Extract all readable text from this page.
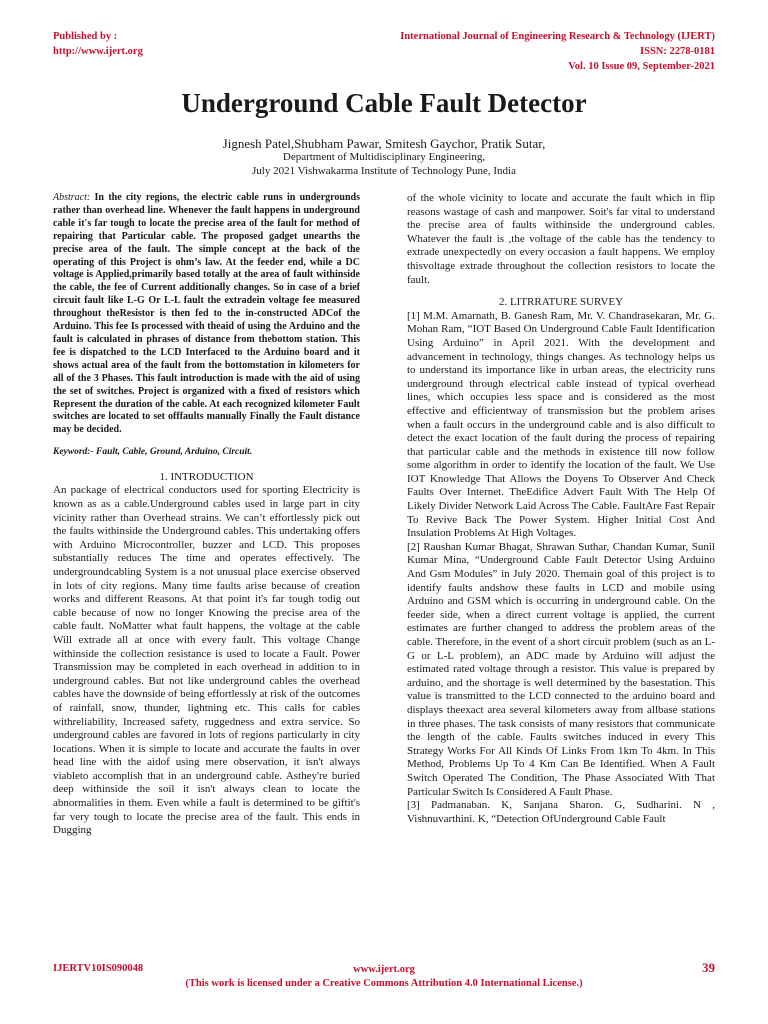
Published by :
http://www.ijert.org
International Journal of Engineering Research & Technology (IJERT)
ISSN: 2278-0181
Vol. 10 Issue 09, September-2021
Underground Cable Fault Detector
Jignesh Patel,Shubham Pawar, Smitesh Gaychor, Pratik Sutar,
Department of Multidisciplinary Engineering,
July 2021 Vishwakarma Institute of Technology Pune, India

Abstract: In the city regions, the electric cable runs in undergrounds rather than overhead line. Whenever the fault happens in underground cable it's far tough to locate the precise area of the fault for method of repairing that Particular cable. The proposed gadget unearths the precise area of the fault. The simple concept at the back of the operating of this Project is ohm’s law. At the feeder end, while a DC voltage is Applied,primarily based totally at the area of fault withinside the cable, the fee of Current additionally changes. So in case of a brief circuit fault like L-G Or L-L fault the extradein voltage fee measured throughout theResistor is then fed to the in-constructed ADCof the Arduino. This fee Is processed with theaid of using the Arduino and the fault is calculated in phrases of distance from thebottom station. This fee is dispatched to the LCD Interfaced to the Arduino board and it shows actual area of the fault from the bottomstation in kilometers for all of the 3 Phases. This fault introduction is made with the aid of using the set of switches. Project is organized with a fixed of resistors which Represent the duration of the cable. At each recognized kilometer Fault switches are located to set offfaults manually Finally the Fault distance may be decided.

Keyword:- Fault, Cable, Ground, Arduino, Circuit.

1. INTRODUCTION

An package of electrical conductors used for sporting Electricity is known as as a cable.Underground cables used in large part in city vicinity rather than Overhead strains. We can’t effortlessly pick out the faults withinside the Underground cables. This undertaking offers with Arduino Microcontroller, buzzer and LCD. This proposes substantially reduces The time and operates effectively. The undergroundcabling System is a not unusual place exercise observed in lots of city regions. Many time faults arise because of creation works and different Reasons. At that point it's far tough todig out cable because of now no longer Knowing the precise area of the cable fault. NoMatter what fault happens, the voltage at the cable Will extrade all at once with every fault. This voltage Change withinside the collection resistance is used to locate a Fault. Power Transmission may be completed in each overhead in addition to in underground cables. But not like underground cables the overhead cables have the downside of being effortlessly at risk of the outcomes of rainfall, snow, thunder, lightning etc. This calls for cables withreliability, Increased safety, ruggedness and extra service. So underground cables are favored in lots of regions particularly in city locations. When it is simple to locate and accurate the faults in over head line with the aidof using mere observation, it isn't always viableto accomplish that in an underground cable. Astheу're buried deep withinside the soil it isn't always clean to locate the abnormalities in them. Even while a fault is determined to be giftit's far very tough to locate the precise area of the fault. This ends in Dugging

of the whole vicinity to locate and accurate the fault which in flip reasons wastage of cash and manpower. Soit's far vital to understand the precise area of faults withinside the underground cables. Whatever the fault is ,the voltage of the cable has the tendency to extrade unexpectedly on every occasion a fault happens. We employ thisvoltage extrade throughout the collection resistors to locate the fault.

2. LITRRATURE SURVEY

[1] M.M. Amarnath, B. Ganesh Ram, Mr. V. Chandrasekaran, Mr. G. Mohan Ram, “IOT Based On Underground Cable Fault Identification Using Arduino” in April 2021. With the development and advancement in technology, things changes. As technology helps us to understand its importance like in urban areas, the electricity runs underground through electrical cable instead of typical overhead lines, which occupies less space and is considered as the most effective and efficientway of transmission but the problem arises when a fault occurs in the underground cable and is also difficult to detect the exact location of the fault during the process of repairing that particular cable and the methods in existence till now follow some algorithm in order to identify the location of the fault. We Use IOT Knowledge That Allows the Doyens To Observer And Check Faults Over Internet. TheEdifice Advert Fault With The Help Of Likely Divider Network Laid Across The Cable. FaultAre Fast Repair To Revive Back The Power System. Higher Initial Cost And Insulation Problems At High Voltages.

[2] Raushan Kumar Bhagat, Shrawan Suthar, Chandan Kumar, Sunil Kumar Mina, “Underground Cable Fault Detector Using Arduino And Gsm Modules” in July 2020. Themain goal of this project is to identify faults andshow these faults in LCD and mobile using Arduino and GSM which is occurring in underground cable. On the feeder side, when a direct current voltage is applied, the current estimates are further changed to address the problem areas of the cable. Therefore, in the event of a short circuit problem (such as an L- G or L-L problem), an ADC made by Arduino will adjust the estimated rated voltage through a resistor. This value is prepared by arduino, and the shortage is well determined by the basestation. This value is transmitted to the LCD connected to the arduino board and displays theexact area several kilometers away from allbase stations in three phases. The task consists of many resistors that communicate the length of the cable. Faults switches induced in every This Strategy Works For All Kinds Of Links From 1km To 4km. In This Method, Problems Up To 4 Km Can Be Identified. When A Fault Switch Operated The Condition, The Phase Associated With That Particular Switch Is Considered A Fault Phase.

[3] Padmanaban. K, Sanjana Sharon. G, Sudharini. N , Vishnuvarthini. K, “Detection OfUnderground Cable Fault

IJERTV10IS090048	www.ijert.org
(This work is licensed under a Creative Commons Attribution 4.0 International License.)
39
